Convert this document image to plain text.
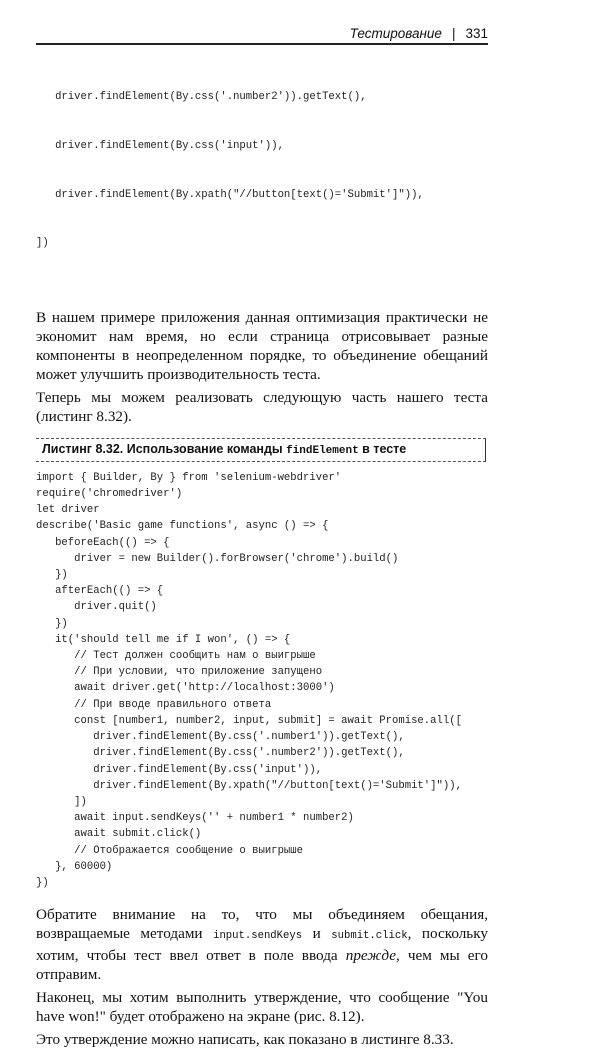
Тестирование | 331

driver.findElement(By.css('.number2')).getText(),

driver.findElement(By.css('input')),

driver.findElement(By.xpath("//button[text()='Submit']")),

])

В нашем примере приложения данная оптимизация практически не экономит нам время, но если страница отрисовывает разные компоненты в неопределенном порядке, то объединение обещаний может улучшить производительность теста.

Теперь мы можем реализовать следующую часть нашего теста (листинг 8.32).

Листинг 8.32. Использование команды findElement в тесте
import { Builder, By } from 'selenium-webdriver'
require('chromedriver')
let driver
describe('Basic game functions', async () => {
beforeEach(() => {
driver = new Builder().forBrowser('chrome').build()
})
afterEach(() => {
driver.quit()
})
it('should tell me if I won', () => {
// Тест должен сообщить нам о выигрыше
// При условии, что приложение запущено
await driver.get('http://localhost:3000')
// При вводе правильного ответа
const [number1, number2, input, submit] = await Promise.all([
driver.findElement(By.css('.number1')).getText(),
driver.findElement(By.css('.number2')).getText(),
driver.findElement(By.css('input')),
driver.findElement(By.xpath("//button[text()='Submit']")),
])
await input.sendKeys('' + number1 * number2)
await submit.click()
// Отображается сообщение о выигрыше
}, 60000)
})

Обратите внимание на то, что мы объединяем обещания, возвращаемые методами input.sendKeys и submit.click, поскольку хотим, чтобы тест ввел ответ в поле ввода прежде, чем мы его отправим.

Наконец, мы хотим выполнить утверждение, что сообщение "You have won!" будет отображено на экране (рис. 8.12).

Это утверждение можно написать, как показано в листинге 8.33.
